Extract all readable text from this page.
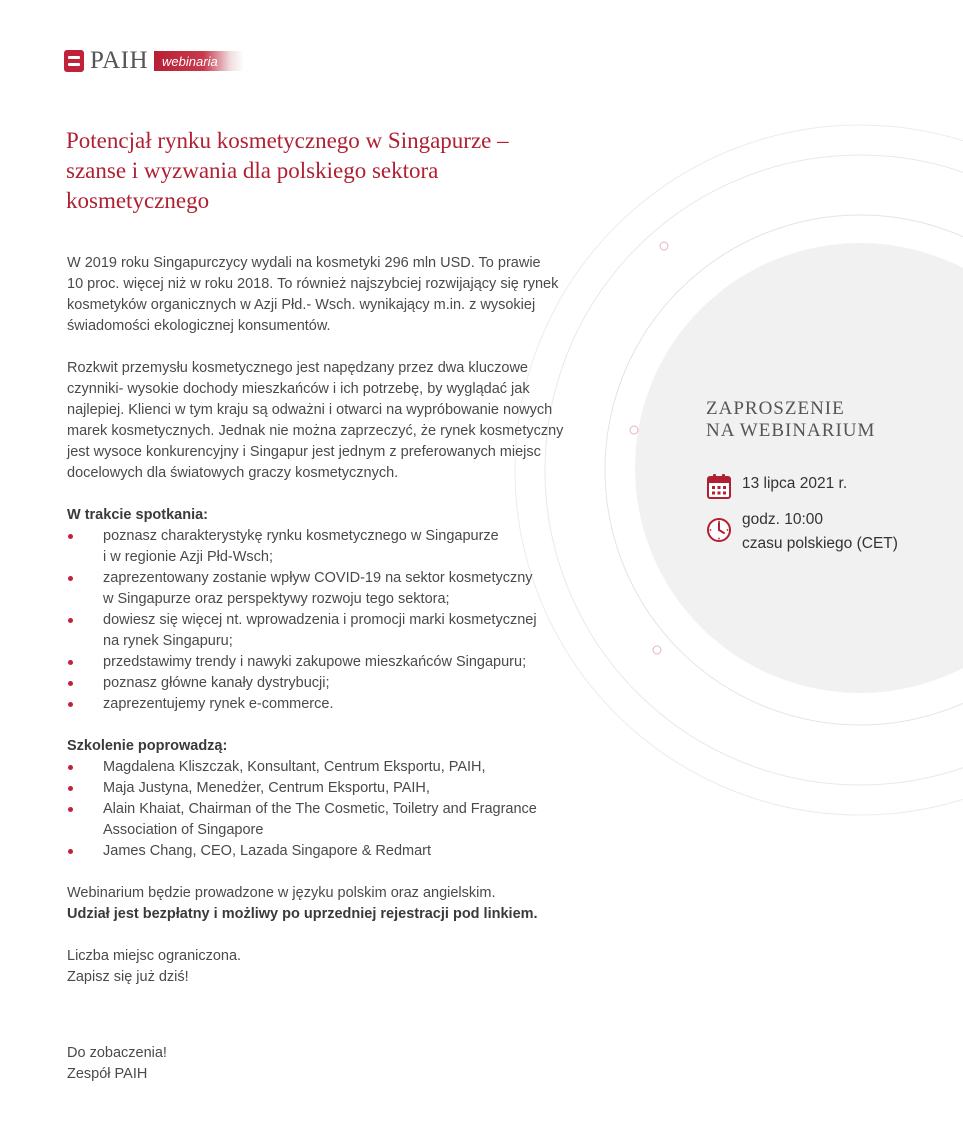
PAIH	webinaria
Potencjał rynku kosmetycznego w Singapurze –
szanse i wyzwania dla polskiego sektora
kosmetycznego

W 2019 roku Singapurczycy wydali na kosmetyki 296 mln USD. To prawie
10 proc. więcej niż w roku 2018. To również najszybciej rozwijający się rynek
kosmetyków organicznych w Azji Płd.- Wsch. wynikający m.in. z wysokiej
świadomości ekologicznej konsumentów.

Rozkwit przemysłu kosmetycznego jest napędzany przez dwa kluczowe
czynniki- wysokie dochody mieszkańców i ich potrzebę, by wyglądać jak
najlepiej. Klienci w tym kraju są odważni i otwarci na wypróbowanie nowych
marek kosmetycznych. Jednak nie można zaprzeczyć, że rynek kosmetyczny
jest wysoce konkurencyjny i Singapur jest jednym z preferowanych miejsc
docelowych dla światowych graczy kosmetycznych.

W trakcie spotkania:

poznasz charakterystykę rynku kosmetycznego w Singapurze
i w regionie Azji Płd-Wsch;
zaprezentowany zostanie wpływ COVID-19 na sektor kosmetyczny
w Singapurze oraz perspektywy rozwoju tego sektora;
dowiesz się więcej nt. wprowadzenia i promocji marki kosmetycznej
na rynek Singapuru;
przedstawimy trendy i nawyki zakupowe mieszkańców Singapuru;
poznasz główne kanały dystrybucji;
zaprezentujemy rynek e-commerce.

Szkolenie poprowadzą:

Magdalena Kliszczak, Konsultant, Centrum Eksportu, PAIH,
Maja Justyna, Menedżer, Centrum Eksportu, PAIH,
Alain Khaiat, Chairman of the The Cosmetic, Toiletry and Fragrance
Association of Singapore
James Chang, CEO, Lazada Singapore & Redmart

Webinarium będzie prowadzone w języku polskim oraz angielskim.

Udział jest bezpłatny i możliwy po uprzedniej rejestracji pod linkiem.

Liczba miejsc ograniczona.

Zapisz się już dziś!

Do zobaczenia!

Zespół PAIH

ZAPROSZENIE
NA WEBINARIUM
13 lipca 2021 r.
godz. 10:00
czasu polskiego (CET)
